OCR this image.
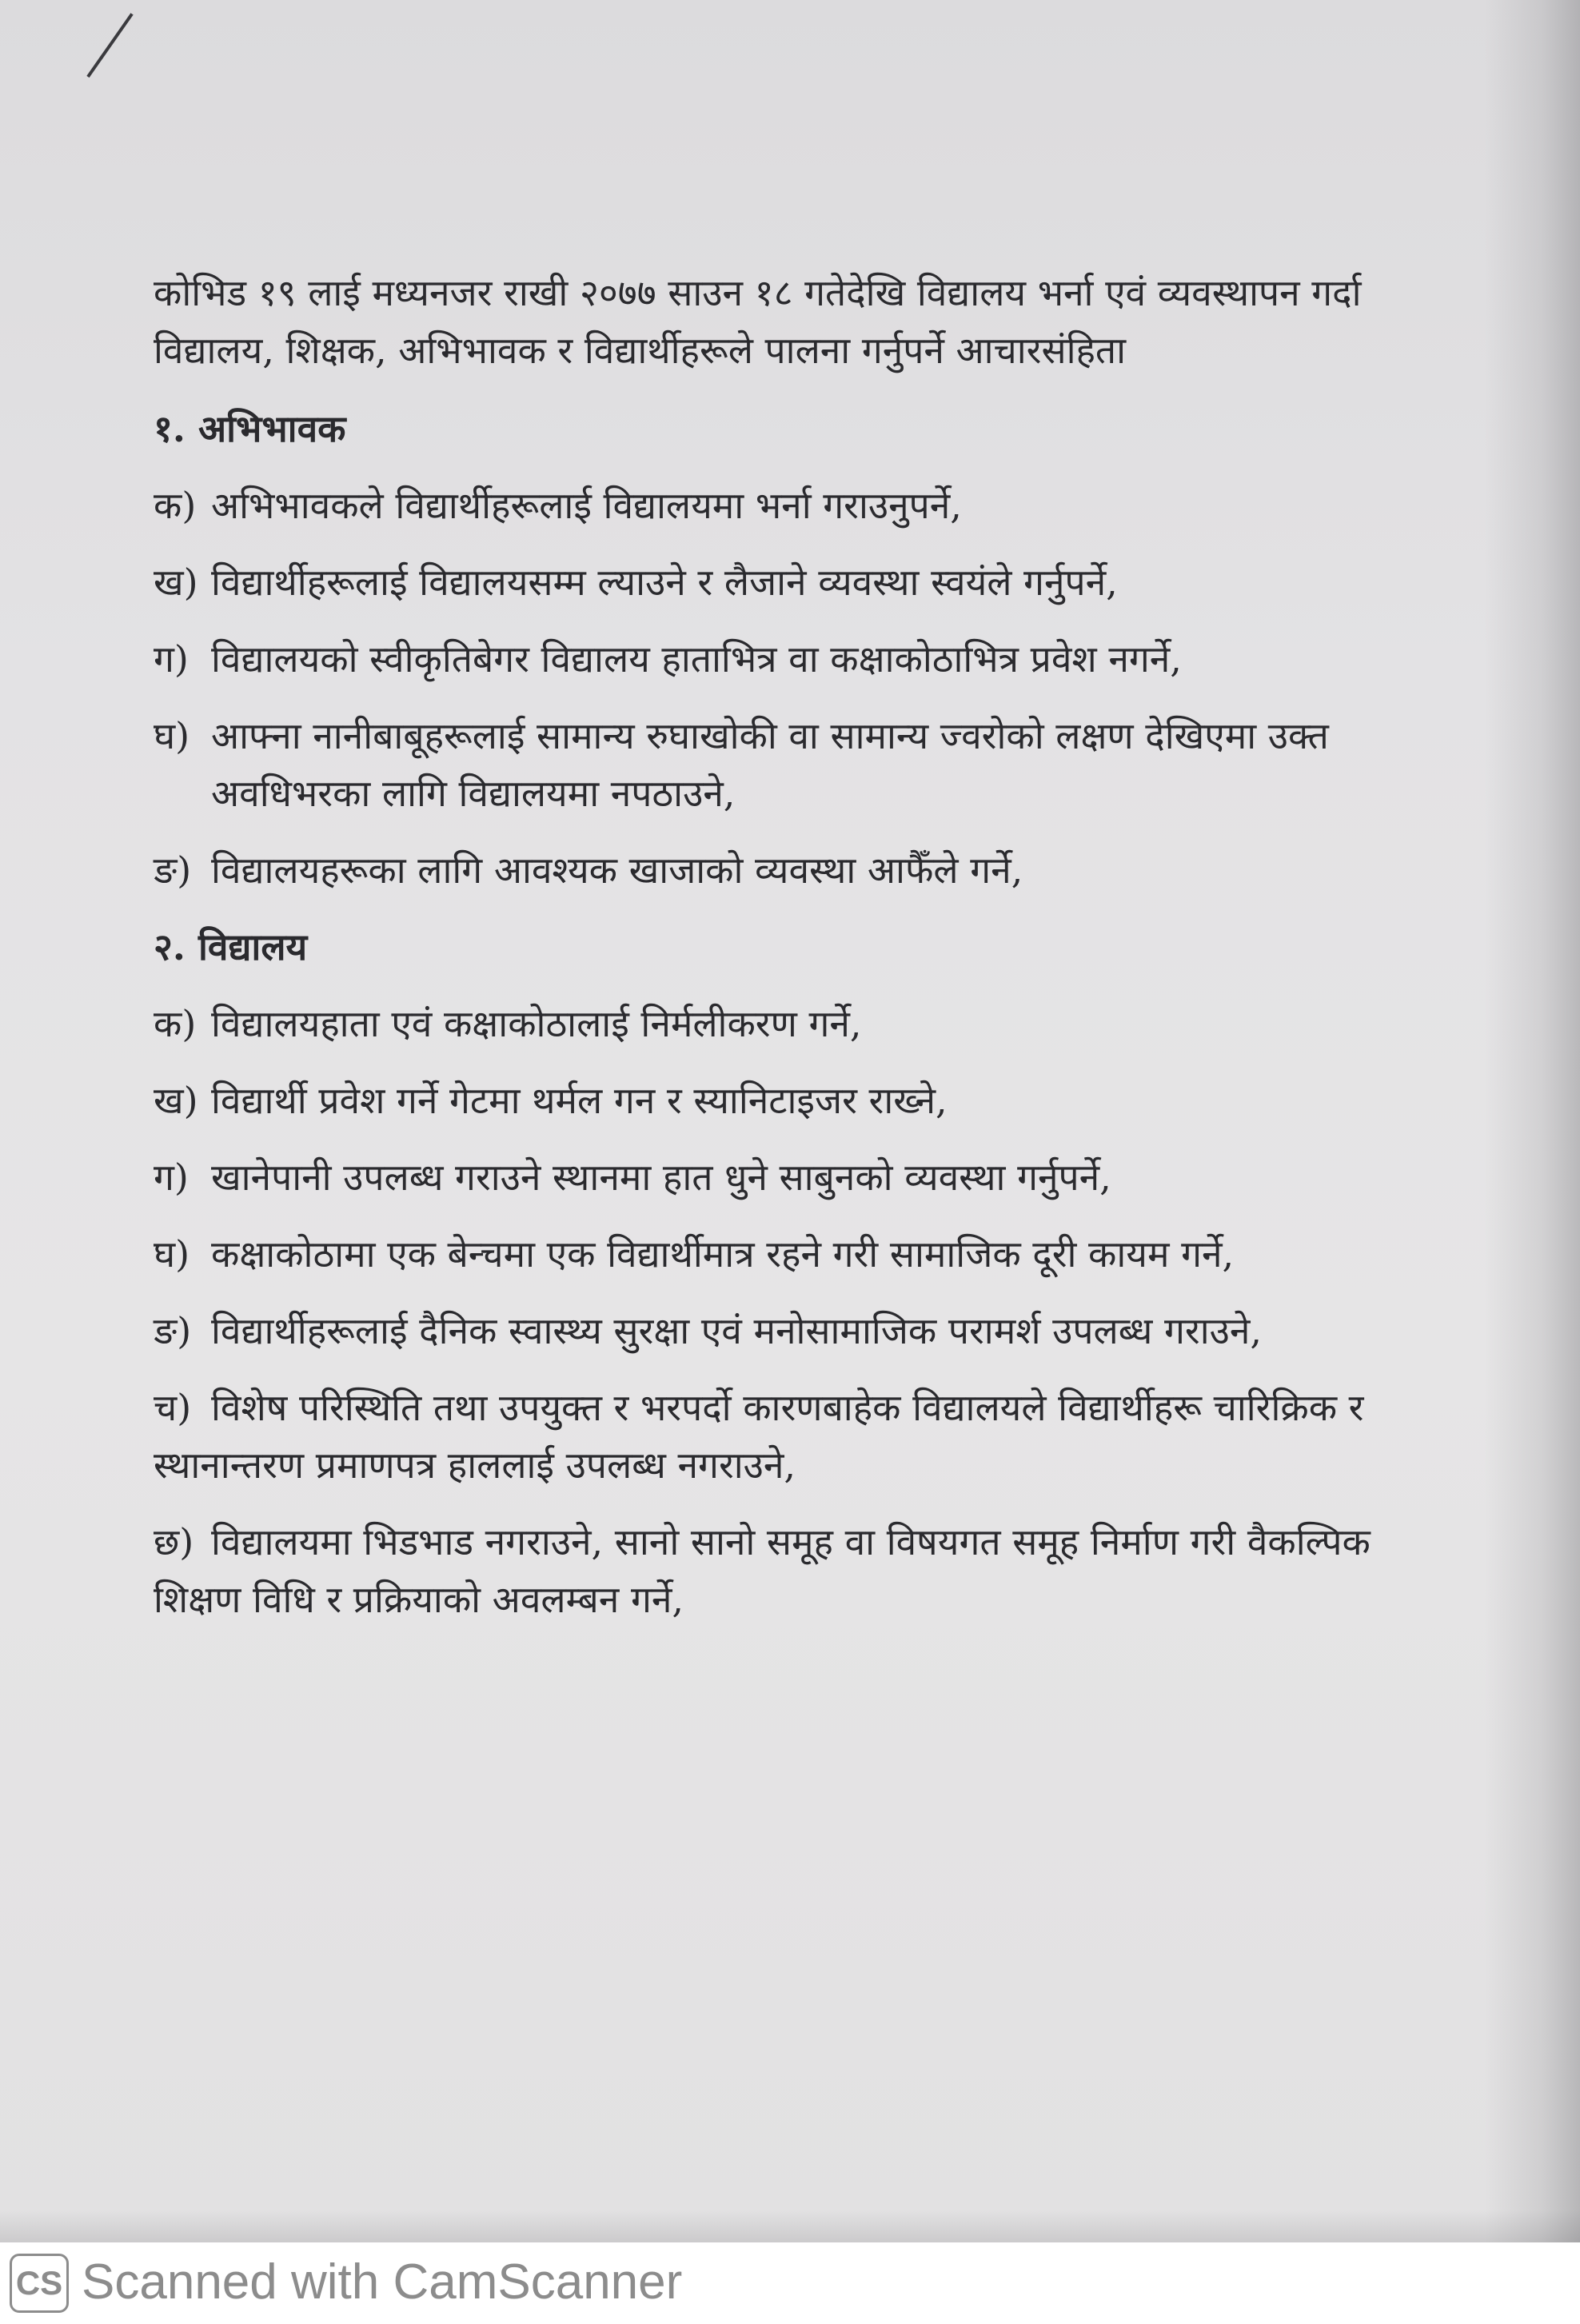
कोभिड १९ लाई मध्यनजर राखी २०७७ साउन १८ गतेदेखि विद्यालय भर्ना एवं व्यवस्थापन गर्दा विद्यालय, शिक्षक, अभिभावक र विद्यार्थीहरूले पालना गर्नुपर्ने आचारसंहिता

१. अभिभावक

क) अभिभावकले विद्यार्थीहरूलाई विद्यालयमा भर्ना गराउनुपर्ने,

ख) विद्यार्थीहरूलाई विद्यालयसम्म ल्याउने र लैजाने व्यवस्था स्वयंले गर्नुपर्ने,

ग) विद्यालयको स्वीकृतिबेगर विद्यालय हाताभित्र वा कक्षाकोठाभित्र प्रवेश नगर्ने,

घ) आफ्ना नानीबाबूहरूलाई सामान्य रुघाखोकी वा सामान्य ज्वरोको लक्षण देखिएमा उक्त अवधिभरका लागि विद्यालयमा नपठाउने,

ङ) विद्यालयहरूका लागि आवश्यक खाजाको व्यवस्था आफैँले गर्ने,

२. विद्यालय

क) विद्यालयहाता एवं कक्षाकोठालाई निर्मलीकरण गर्ने,

ख) विद्यार्थी प्रवेश गर्ने गेटमा थर्मल गन र स्यानिटाइजर राख्ने,

ग) खानेपानी उपलब्ध गराउने स्थानमा हात धुने साबुनको व्यवस्था गर्नुपर्ने,

घ) कक्षाकोठामा एक बेन्चमा एक विद्यार्थीमात्र रहने गरी सामाजिक दूरी कायम गर्ने,

ङ) विद्यार्थीहरूलाई दैनिक स्वास्थ्य सुरक्षा एवं मनोसामाजिक परामर्श उपलब्ध गराउने,

च) विशेष परिस्थिति तथा उपयुक्त र भरपर्दो कारणबाहेक विद्यालयले विद्यार्थीहरू चारिक्रिक र स्थानान्तरण प्रमाणपत्र हाललाई उपलब्ध नगराउने,

छ) विद्यालयमा भिडभाड नगराउने, सानो सानो समूह वा विषयगत समूह निर्माण गरी वैकल्पिक शिक्षण विधि र प्रक्रियाको अवलम्बन गर्ने,

CS Scanned with CamScanner
